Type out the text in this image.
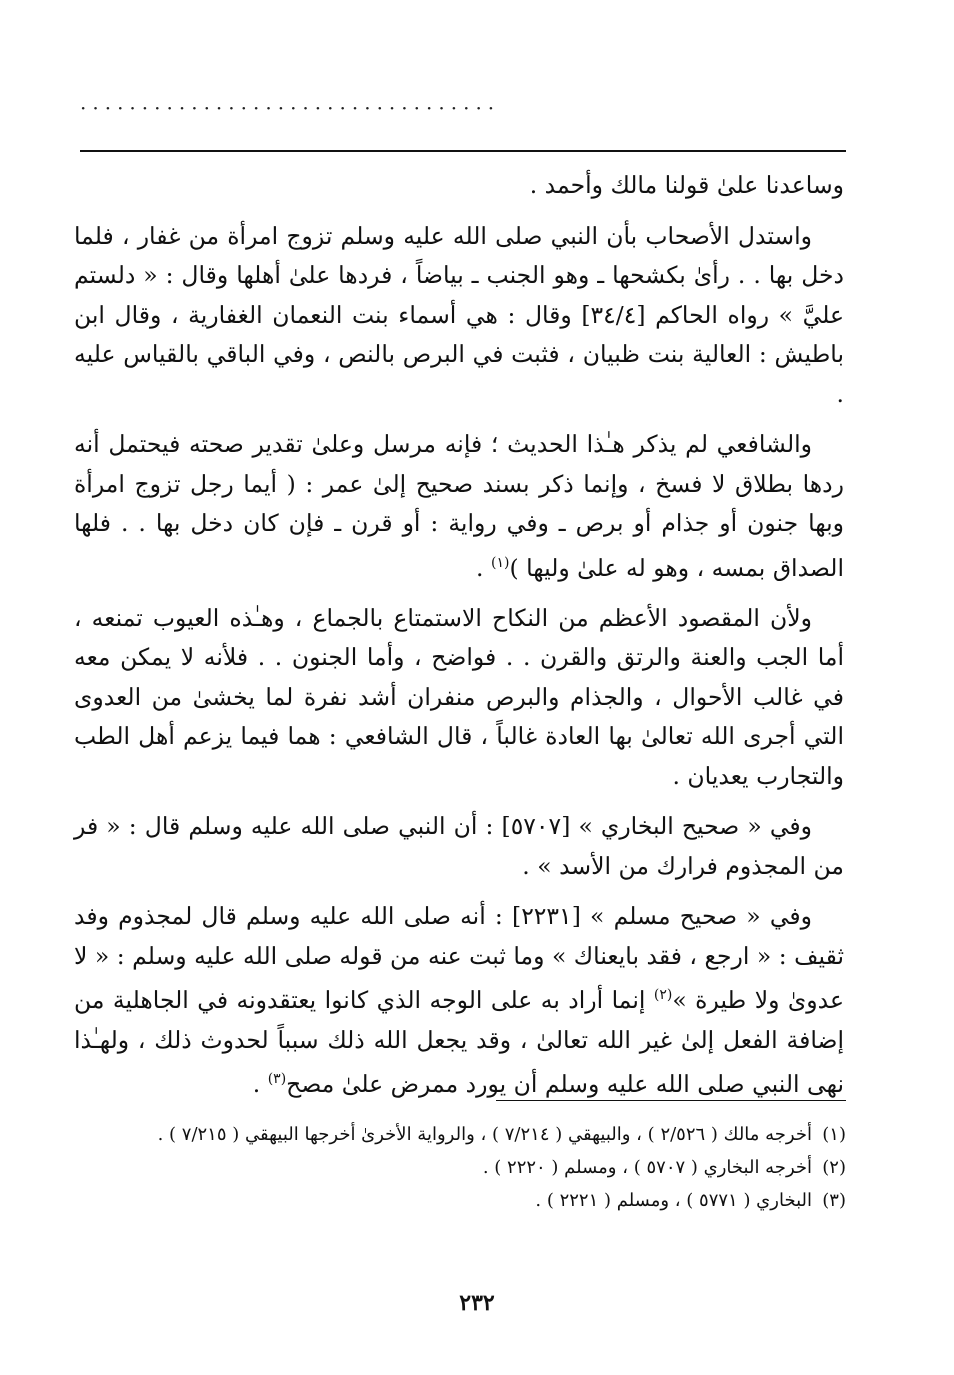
··································

وساعدنا علىٰ قولنا مالك وأحمد .

واستدل الأصحاب بأن النبي صلى الله عليه وسلم تزوج امرأة من غفار ، فلما دخل بها . . رأىٰ بكشحها ـ وهو الجنب ـ بياضاً ، فردها علىٰ أهلها وقال : « دلستم عليَّ » رواه الحاكم [٣٤/٤] وقال : هي أسماء بنت النعمان الغفارية ، وقال ابن باطيش : العالية بنت ظبيان ، فثبت في البرص بالنص ، وفي الباقي بالقياس عليه .

والشافعي لم يذكر هـٰذا الحديث ؛ فإنه مرسل وعلىٰ تقدير صحته فيحتمل أنه ردها بطلاق لا فسخ ، وإنما ذكر بسند صحيح إلىٰ عمر : ( أيما رجل تزوج امرأة وبها جنون أو جذام أو برص ـ وفي رواية : أو قرن ـ فإن كان دخل بها . . فلها الصداق بمسه ، وهو له علىٰ وليها )$^{(١)}$ .

ولأن المقصود الأعظم من النكاح الاستمتاع بالجماع ، وهـٰذه العيوب تمنعه ، أما الجب والعنة والرتق والقرن . . فواضح ، وأما الجنون . . فلأنه لا يمكن معه في غالب الأحوال ، والجذام والبرص منفران أشد نفرة لما يخشىٰ من العدوى التي أجرى الله تعالىٰ بها العادة غالباً ، قال الشافعي : هما فيما يزعم أهل الطب والتجارب يعديان .

وفي « صحيح البخاري » [٥٧٠٧] : أن النبي صلى الله عليه وسلم قال : « فر من المجذوم فرارك من الأسد » .

وفي « صحيح مسلم » [٢٢٣١] : أنه صلى الله عليه وسلم قال لمجذوم وفد ثقيف : « ارجع ، فقد بايعناك » وما ثبت عنه من قوله صلى الله عليه وسلم : « لا عدوىٰ ولا طيرة »$^{(٢)}$ إنما أراد به على الوجه الذي كانوا يعتقدونه في الجاهلية من إضافة الفعل إلىٰ غير الله تعالىٰ ، وقد يجعل الله ذلك سبباً لحدوث ذلك ، ولهـٰذا نهى النبي صلى الله عليه وسلم أن يورد ممرض علىٰ مصح$^{(٣)}$ .

(١)
أخرجه مالك ( ٢/٥٢٦ ) ، والبيهقي ( ٧/٢١٤ ) ، والرواية الأخرىٰ أخرجها البيهقي ( ٧/٢١٥ ) .
(٢)
أخرجه البخاري ( ٥٧٠٧ ) ، ومسلم ( ٢٢٢٠ ) .
(٣)
البخاري ( ٥٧٧١ ) ، ومسلم ( ٢٢٢١ ) .
٢٣٢
